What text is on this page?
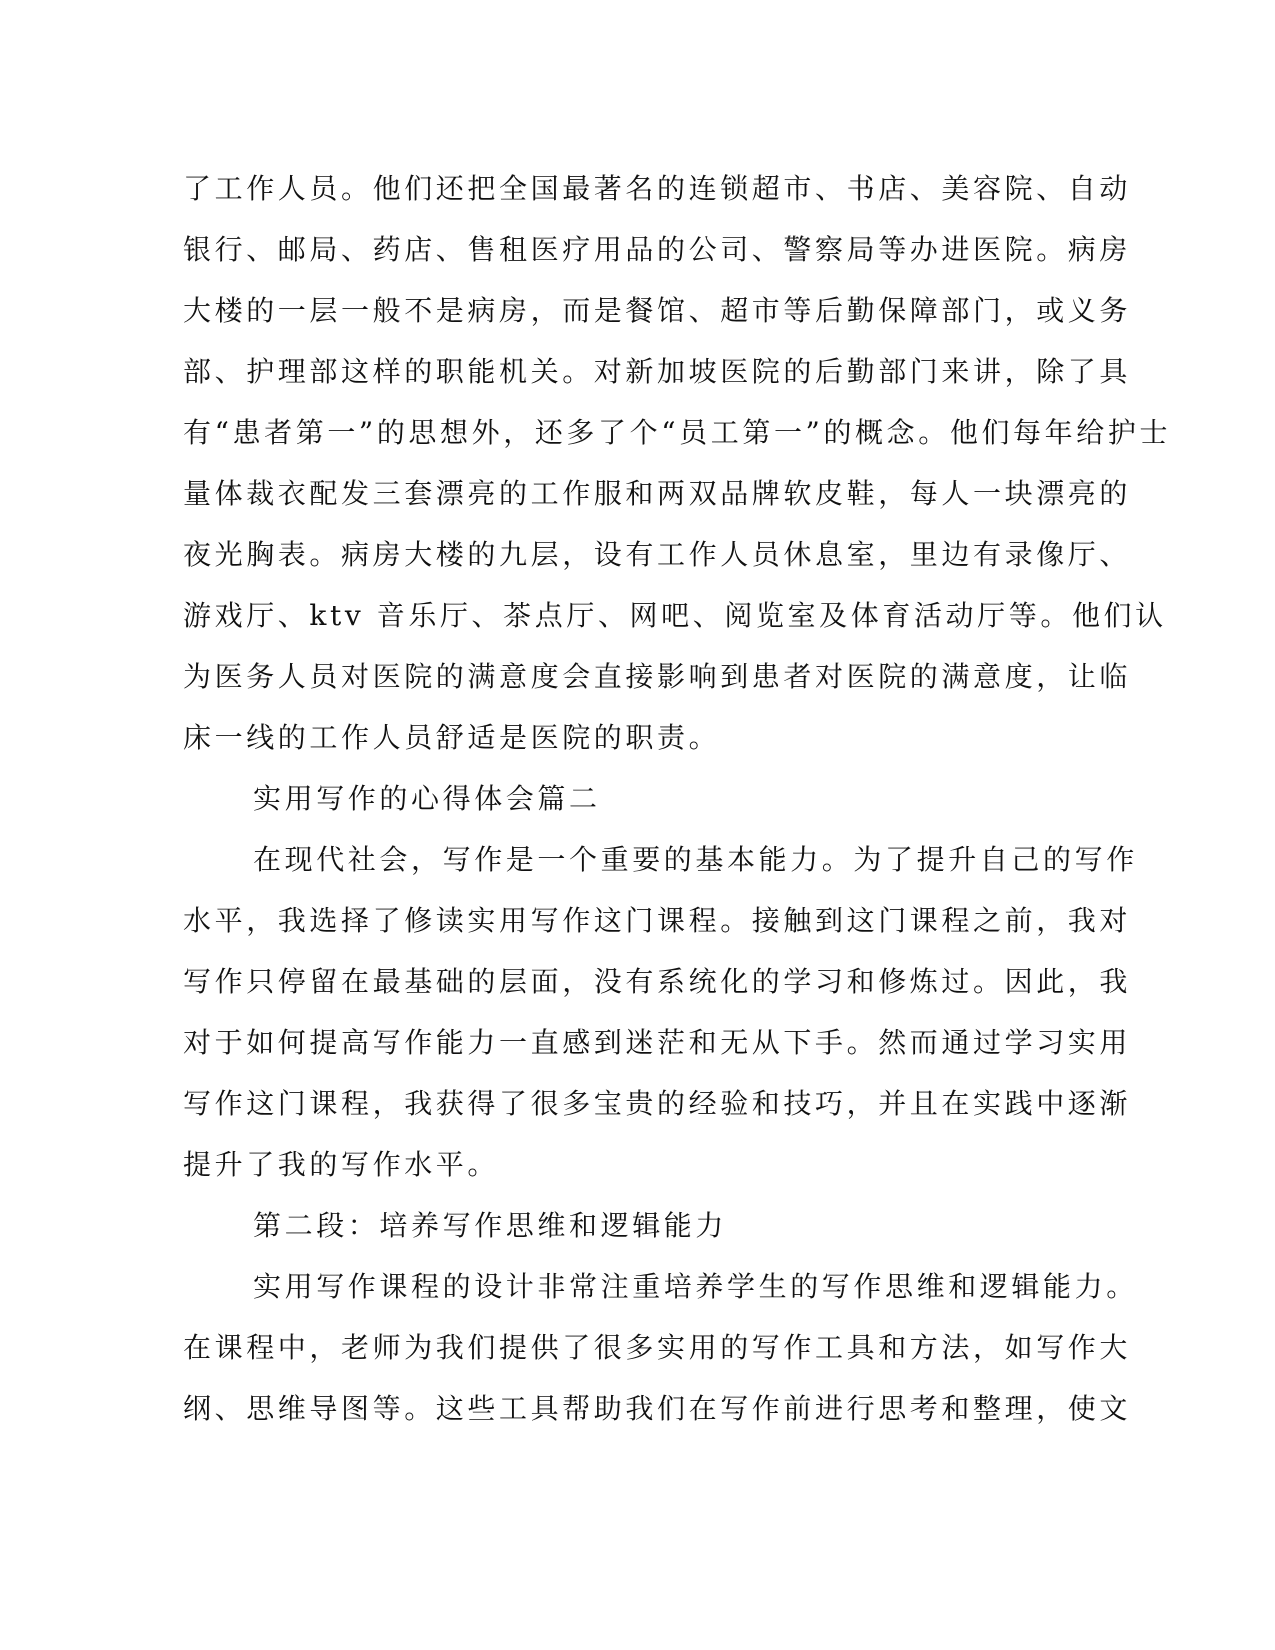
了工作人员。他们还把全国最著名的连锁超市、书店、美容院、自动
银行、邮局、药店、售租医疗用品的公司、警察局等办进医院。病房
大楼的一层一般不是病房，而是餐馆、超市等后勤保障部门，或义务
部、护理部这样的职能机关。对新加坡医院的后勤部门来讲，除了具
有“患者第一”的思想外，还多了个“员工第一”的概念。他们每年给护士
量体裁衣配发三套漂亮的工作服和两双品牌软皮鞋，每人一块漂亮的
夜光胸表。病房大楼的九层，设有工作人员休息室，里边有录像厅、
游戏厅、ktv 音乐厅、茶点厅、网吧、阅览室及体育活动厅等。他们认
为医务人员对医院的满意度会直接影响到患者对医院的满意度，让临
床一线的工作人员舒适是医院的职责。
实用写作的心得体会篇二
在现代社会，写作是一个重要的基本能力。为了提升自己的写作
水平，我选择了修读实用写作这门课程。接触到这门课程之前，我对
写作只停留在最基础的层面，没有系统化的学习和修炼过。因此，我
对于如何提高写作能力一直感到迷茫和无从下手。然而通过学习实用
写作这门课程，我获得了很多宝贵的经验和技巧，并且在实践中逐渐
提升了我的写作水平。
第二段：培养写作思维和逻辑能力
实用写作课程的设计非常注重培养学生的写作思维和逻辑能力。
在课程中，老师为我们提供了很多实用的写作工具和方法，如写作大
纲、思维导图等。这些工具帮助我们在写作前进行思考和整理，使文
